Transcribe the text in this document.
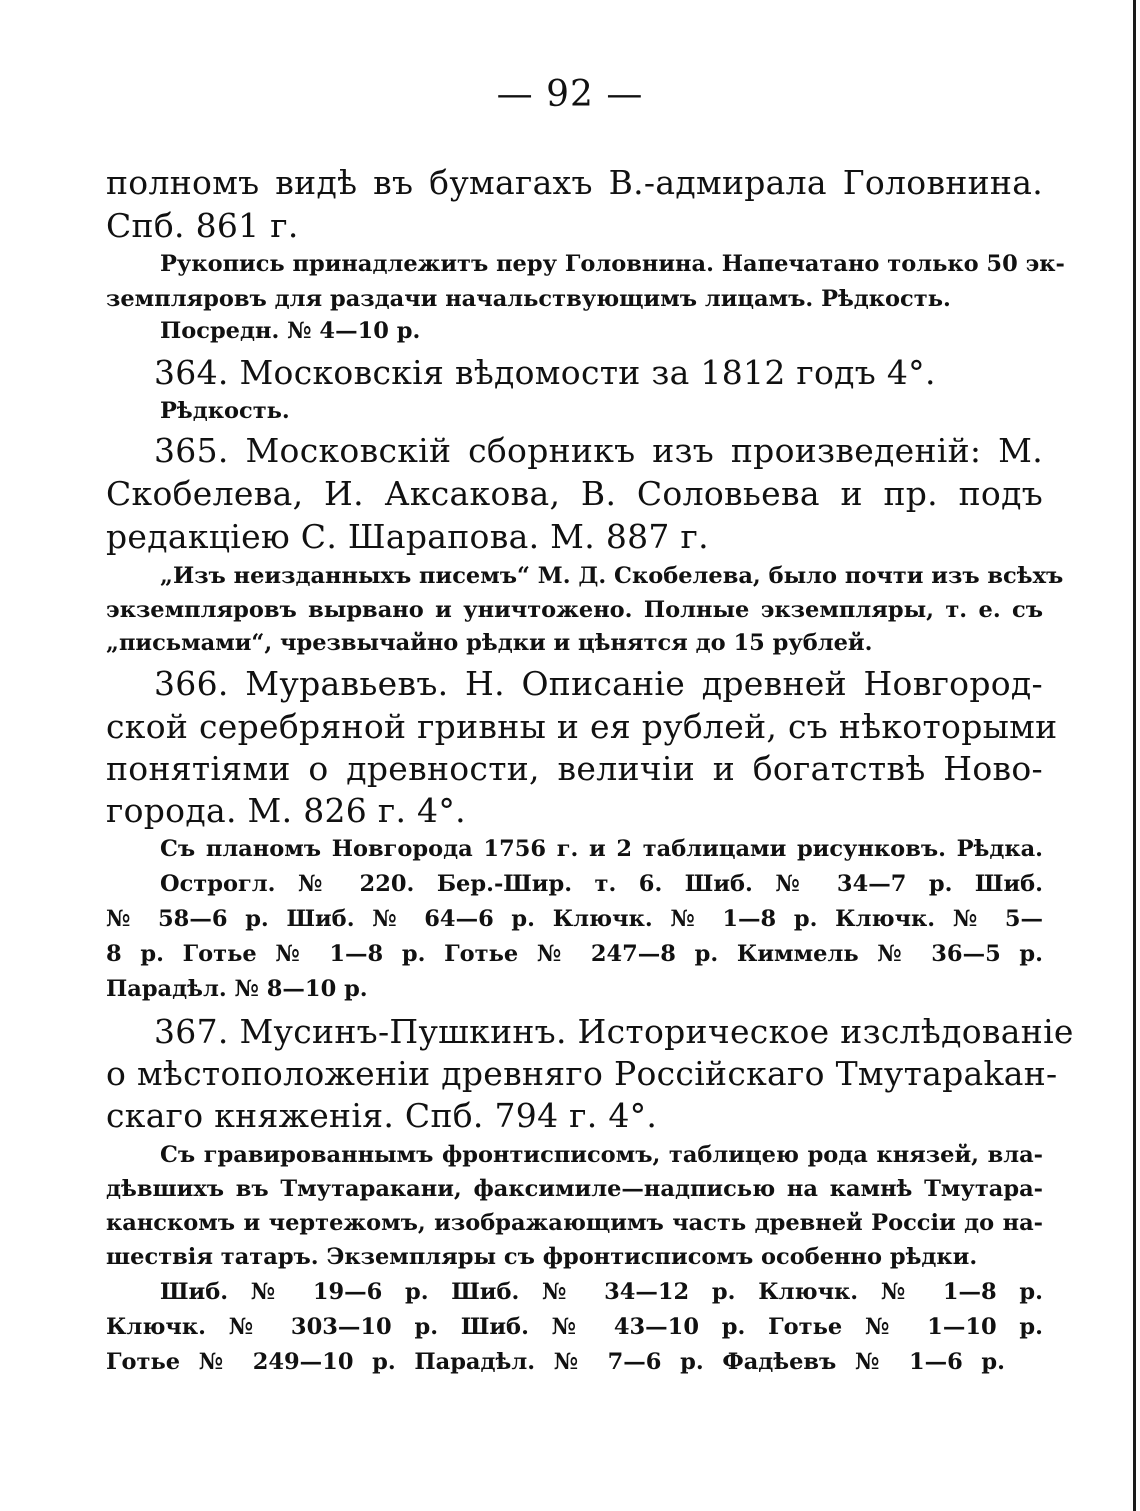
— 92 —
полномъ видѣ въ бумагахъ В.-адмирала Головнина.
Спб. 861 г.
Рукопись принадлежитъ перу Головнина. Напечатано только 50 эк-
земпляровъ для раздачи начальствующимъ лицамъ. Рѣдкость.
Посредн. № 4—10 р.
364. Московскія вѣдомости за 1812 годъ 4°.
Рѣдкость.
365. Московскій сборникъ изъ произведеній: М.
Скобелева, И. Аксакова, В. Соловьева и пр. подъ
редакціею С. Шарапова. М. 887 г.
„Изъ неизданныхъ писемъ“ М. Д. Скобелева, было почти изъ всѣхъ
экземпляровъ вырвано и уничтожено. Полные экземпляры, т. е. съ
„письмами“, чрезвычайно рѣдки и цѣнятся до 15 рублей.
366. Муравьевъ. Н. Описаніе древней Новгород-
ской серебряной гривны и ея рублей, съ нѣкоторыми
понятіями о древности, величіи и богатствѣ Ново-
города. М. 826 г. 4°.
Съ планомъ Новгорода 1756 г. и 2 таблицами рисунковъ. Рѣдка.
Острогл. № 220. Бер.-Шир. т. 6. Шиб. № 34—7 р. Шиб.
№ 58—6 р. Шиб. № 64—6 р. Ключк. № 1—8 р. Ключк. № 5—
8 р. Готье № 1—8 р. Готье № 247—8 р. Киммель № 36—5 р.
Парадѣл. № 8—10 р.
367. Мусинъ-Пушкинъ. Историческое изслѣдованіе
о мѣстоположеніи древняго Россійскаго Тмутараkан-
скаго княженія. Спб. 794 г. 4°.
Съ гравированнымъ фронтисписомъ, таблицею рода князей, вла-
дѣвшихъ въ Тмутаракани, факсимиле—надписью на камнѣ Тмутара-
канскомъ и чертежомъ, изображающимъ часть древней Россіи до на-
шествія татаръ. Экземпляры съ фронтисписомъ особенно рѣдки.
Шиб. № 19—6 р. Шиб. № 34—12 р. Ключк. № 1—8 р.
Ключк. № 303—10 р. Шиб. № 43—10 р. Готье № 1—10 р.
Готье № 249—10 р. Парадѣл. № 7—6 р. Фадѣевъ № 1—6 р.
